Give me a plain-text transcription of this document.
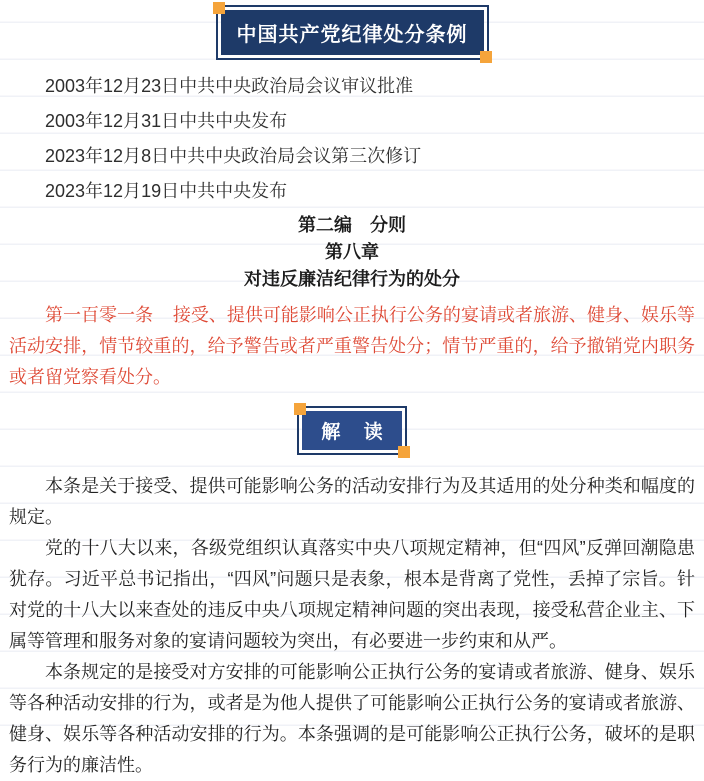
中国共产党纪律处分条例
2003年12月23日中共中央政治局会议审议批准
2003年12月31日中共中央发布
2023年12月8日中共中央政治局会议第三次修订
2023年12月19日中共中央发布
第二编　分则
第八章
对违反廉洁纪律行为的处分

第一百零一条 接受、提供可能影响公正执行公务的宴请或者旅游、健身、娱乐等活动安排，情节较重的，给予警告或者严重警告处分；情节严重的，给予撤销党内职务或者留党察看处分。

解 读

本条是关于接受、提供可能影响公务的活动安排行为及其适用的处分种类和幅度的规定。

党的十八大以来，各级党组织认真落实中央八项规定精神，但“四风”反弹回潮隐患犹存。习近平总书记指出，“四风”问题只是表象，根本是背离了党性，丢掉了宗旨。针对党的十八大以来查处的违反中央八项规定精神问题的突出表现，接受私营企业主、下属等管理和服务对象的宴请问题较为突出，有必要进一步约束和从严。

本条规定的是接受对方安排的可能影响公正执行公务的宴请或者旅游、健身、娱乐等各种活动安排的行为，或者是为他人提供了可能影响公正执行公务的宴请或者旅游、健身、娱乐等各种活动安排的行为。本条强调的是可能影响公正执行公务，破坏的是职务行为的廉洁性。
